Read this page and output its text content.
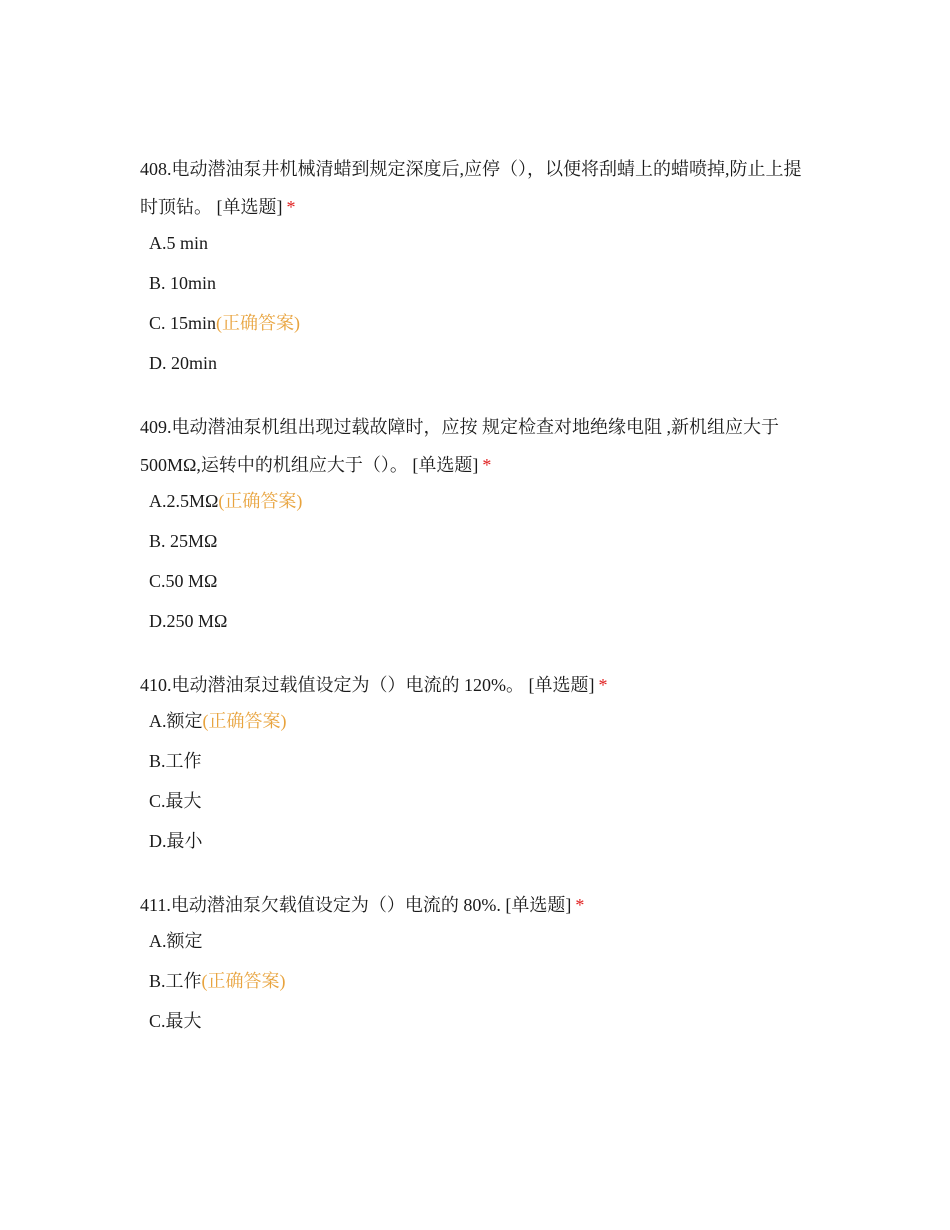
408.电动潜油泵井机械清蜡到规定深度后,应停（），以便将刮蜻上的蜡喷掉,防止上提时顶钻。 [单选题] *

A.5 min
B. 10min
C. 15min(正确答案)
D. 20min

409.电动潜油泵机组出现过载故障时，应按 规定检查对地绝缘电阻 ,新机组应大于500MΩ,运转中的机组应大于（）。 [单选题] *

A.2.5MΩ(正确答案)
B. 25MΩ
C.50 MΩ
D.250 MΩ

410.电动潜油泵过载值设定为（）电流的 120%。 [单选题] *

A.额定(正确答案)
B.工作
C.最大
D.最小

411.电动潜油泵欠载值设定为（）电流的 80%. [单选题] *

A.额定
B.工作(正确答案)
C.最大
